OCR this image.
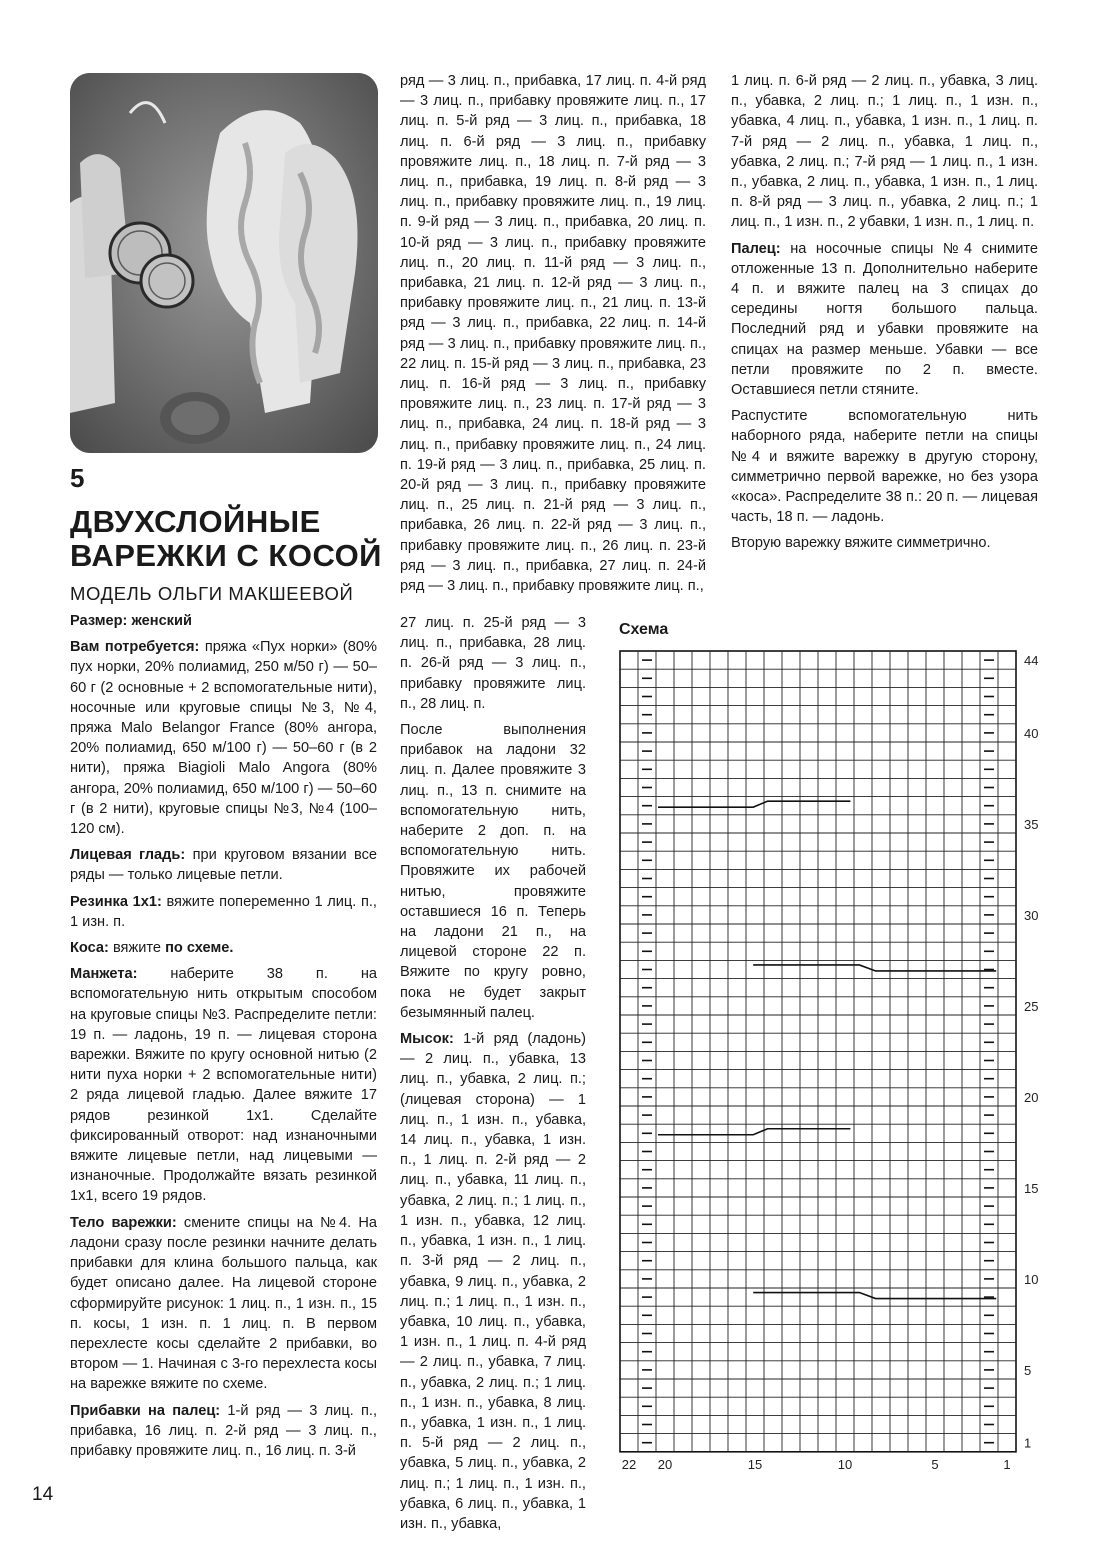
5
ДВУХСЛОЙНЫЕ ВАРЕЖКИ С КОСОЙ
МОДЕЛЬ ОЛЬГИ МАКШЕЕВОЙ

Размер: женский

Вам потребуется: пряжа «Пух норки» (80% пух норки, 20% полиамид, 250 м/50 г) — 50–60 г (2 основные + 2 вспомогательные нити), носочные или круговые спицы №3, №4, пряжа Malo Belangor France (80% ангора, 20% полиамид, 650 м/100 г) — 50–60 г (в 2 нити), пряжа Biagioli Malo Angora (80% ангора, 20% полиамид, 650 м/100 г) — 50–60 г (в 2 нити), круговые спицы №3, №4 (100–120 см).

Лицевая гладь: при круговом вязании все ряды — только лицевые петли.

Резинка 1х1: вяжите попеременно 1 лиц. п., 1 изн. п.

Коса: вяжите по схеме.

Манжета: наберите 38 п. на вспомогательную нить открытым способом на круговые спицы №3. Распределите петли: 19 п. — ладонь, 19 п. — лицевая сторона варежки. Вяжите по кругу основной нитью (2 нити пуха норки + 2 вспомогательные нити) 2 ряда лицевой гладью. Далее вяжите 17 рядов резинкой 1х1. Сделайте фиксированный отворот: над изнаночными вяжите лицевые петли, над лицевыми — изнаночные. Продолжайте вязать резинкой 1х1, всего 19 рядов.

Тело варежки: смените спицы на №4. На ладони сразу после резинки начните делать прибавки для клина большого пальца, как будет описано далее. На лицевой стороне сформируйте рисунок: 1 лиц. п., 1 изн. п., 15 п. косы, 1 изн. п. 1 лиц. п. В первом перехлесте косы сделайте 2 прибавки, во втором — 1. Начиная с 3-го перехлеста косы на варежке вяжите по схеме.

Прибавки на палец: 1-й ряд — 3 лиц. п., прибавка, 16 лиц. п. 2-й ряд — 3 лиц. п., прибавку провяжите лиц. п., 16 лиц. п. 3-й

ряд — 3 лиц. п., прибавка, 17 лиц. п. 4-й ряд — 3 лиц. п., прибавку провяжите лиц. п., 17 лиц. п. 5-й ряд — 3 лиц. п., прибавка, 18 лиц. п. 6-й ряд — 3 лиц. п., прибавку провяжите лиц. п., 18 лиц. п. 7-й ряд — 3 лиц. п., прибавка, 19 лиц. п. 8-й ряд — 3 лиц. п., прибавку провяжите лиц. п., 19 лиц. п. 9-й ряд — 3 лиц. п., прибавка, 20 лиц. п. 10-й ряд — 3 лиц. п., прибавку провяжите лиц. п., 20 лиц. п. 11-й ряд — 3 лиц. п., прибавка, 21 лиц. п. 12-й ряд — 3 лиц. п., прибавку провяжите лиц. п., 21 лиц. п. 13-й ряд — 3 лиц. п., прибавка, 22 лиц. п. 14-й ряд — 3 лиц. п., прибавку провяжите лиц. п., 22 лиц. п. 15-й ряд — 3 лиц. п., прибавка, 23 лиц. п. 16-й ряд — 3 лиц. п., прибавку провяжите лиц. п., 23 лиц. п. 17-й ряд — 3 лиц. п., прибавка, 24 лиц. п. 18-й ряд — 3 лиц. п., прибавку провяжите лиц. п., 24 лиц. п. 19-й ряд — 3 лиц. п., прибавка, 25 лиц. п. 20-й ряд — 3 лиц. п., прибавку провяжите лиц. п., 25 лиц. п. 21-й ряд — 3 лиц. п., прибавка, 26 лиц. п. 22-й ряд — 3 лиц. п., прибавку провяжите лиц. п., 26 лиц. п. 23-й ряд — 3 лиц. п., прибавка, 27 лиц. п. 24-й ряд — 3 лиц. п., прибавку провяжите лиц. п.,

27 лиц. п. 25-й ряд — 3 лиц. п., прибавка, 28 лиц. п. 26-й ряд — 3 лиц. п., прибавку провяжите лиц. п., 28 лиц. п.

После выполнения прибавок на ладони 32 лиц. п. Далее провяжите 3 лиц. п., 13 п. снимите на вспомогательную нить, наберите 2 доп. п. на вспомогательную нить. Провяжите их рабочей нитью, провяжите оставшиеся 16 п. Теперь на ладони 21 п., на лицевой стороне 22 п. Вяжите по кругу ровно, пока не будет закрыт безымянный палец.

Мысок: 1-й ряд (ладонь) — 2 лиц. п., убавка, 13 лиц. п., убавка, 2 лиц. п.; (лицевая сторона) — 1 лиц. п., 1 изн. п., убавка, 14 лиц. п., убавка, 1 изн. п., 1 лиц. п. 2-й ряд — 2 лиц. п., убавка, 11 лиц. п., убавка, 2 лиц. п.; 1 лиц. п., 1 изн. п., убавка, 12 лиц. п., убавка, 1 изн. п., 1 лиц. п. 3-й ряд — 2 лиц. п., убавка, 9 лиц. п., убавка, 2 лиц. п.; 1 лиц. п., 1 изн. п., убавка, 10 лиц. п., убавка, 1 изн. п., 1 лиц. п. 4-й ряд — 2 лиц. п., убавка, 7 лиц. п., убавка, 2 лиц. п.; 1 лиц. п., 1 изн. п., убавка, 8 лиц. п., убавка, 1 изн. п., 1 лиц. п. 5-й ряд — 2 лиц. п., убавка, 5 лиц. п., убавка, 2 лиц. п.; 1 лиц. п., 1 изн. п., убавка, 6 лиц. п., убавка, 1 изн. п., убавка,

1 лиц. п. 6-й ряд — 2 лиц. п., убавка, 3 лиц. п., убавка, 2 лиц. п.; 1 лиц. п., 1 изн. п., убавка, 4 лиц. п., убавка, 1 изн. п., 1 лиц. п. 7-й ряд — 2 лиц. п., убавка, 1 лиц. п., убавка, 2 лиц. п.; 7-й ряд — 1 лиц. п., 1 изн. п., убавка, 2 лиц. п., убавка, 1 изн. п., 1 лиц. п. 8-й ряд — 3 лиц. п., убавка, 2 лиц. п.; 1 лиц. п., 1 изн. п., 2 убавки, 1 изн. п., 1 лиц. п.

Палец: на носочные спицы №4 снимите отложенные 13 п. Дополнительно наберите 4 п. и вяжите палец на 3 спицах до середины ногтя большого пальца. Последний ряд и убавки провяжите на спицах на размер меньше. Убавки — все петли провяжите по 2 п. вместе. Оставшиеся петли стяните.

Распустите вспомогательную нить наборного ряда, наберите петли на спицы №4 и вяжите варежку в другую сторону, симметрично первой варежке, но без узора «коса». Распределите 38 п.: 20 п. — лицевая часть, 18 п. — ладонь.

Вторую варежку вяжите симметрично.

Схема
44
40
35
30
25
20
15
10
5
1
22 20	15	10	5	1
14
